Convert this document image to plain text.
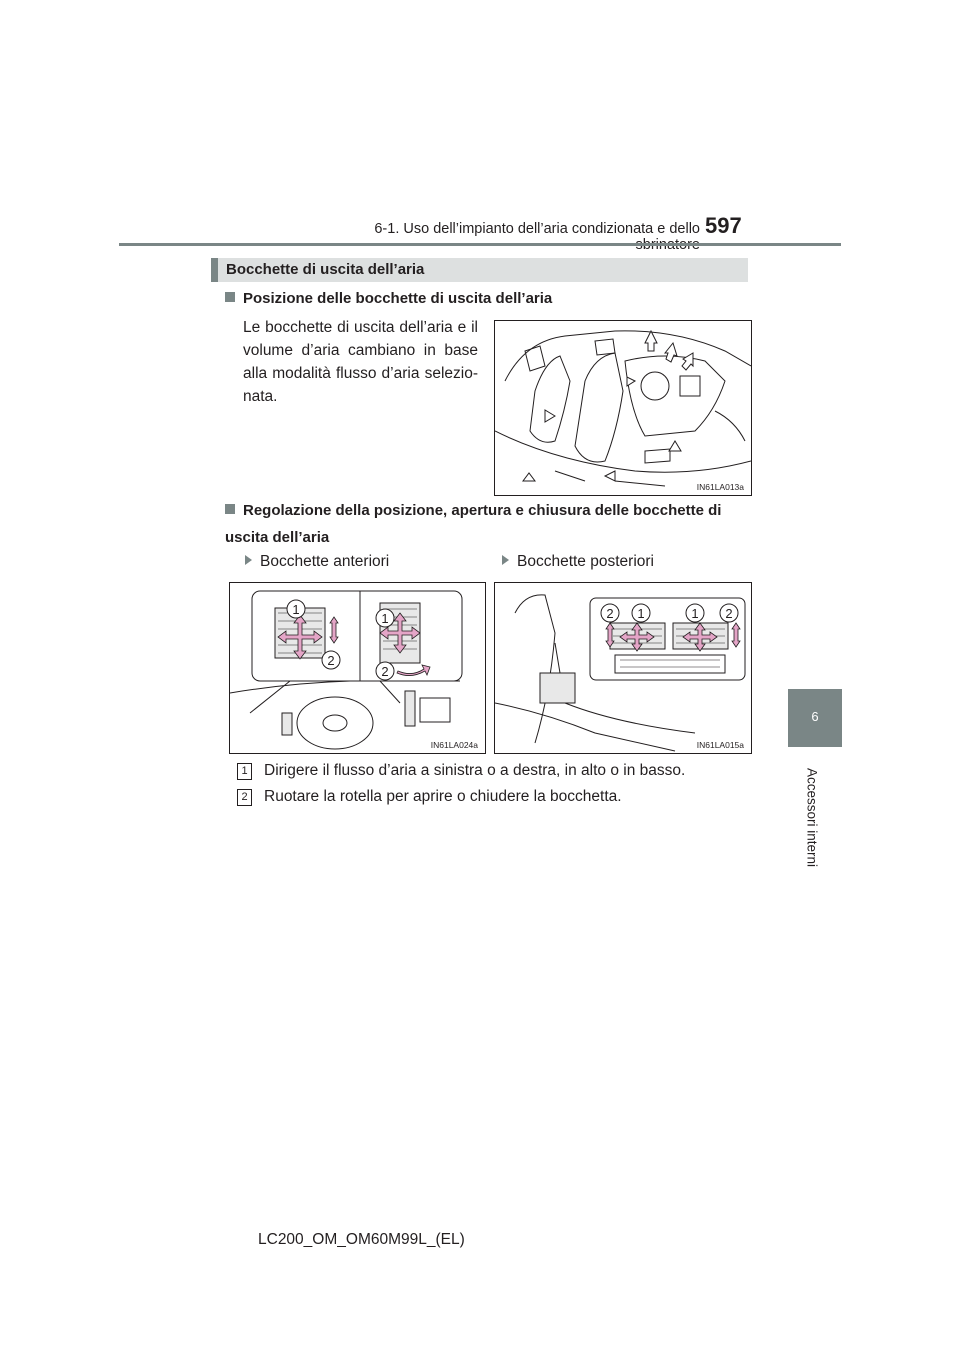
6-1. Uso dell’impianto dell’aria condizionata e dello 597
6
Accessori interni
Bocchette di uscita dell’aria
Posizione delle bocchette di uscita dell’aria
Le bocchette di uscita dell’aria e il volume d’aria cambiano in base alla modalità flusso d’aria selezio-nata.
IN61LA013a
Regolazione della posizione, apertura e chiusura delle bocchette di uscita dell’aria
Bocchette anteriori	Bocchette posteriori
1
2
1
2
IN61LA024a
2 1	1 2
IN61LA015a
1 Dirigere il flusso d’aria a sinistra o a destra, in alto o in basso.
2 Ruotare la rotella per aprire o chiudere la bocchetta.
LC200_OM_OM60M99L_(EL)
